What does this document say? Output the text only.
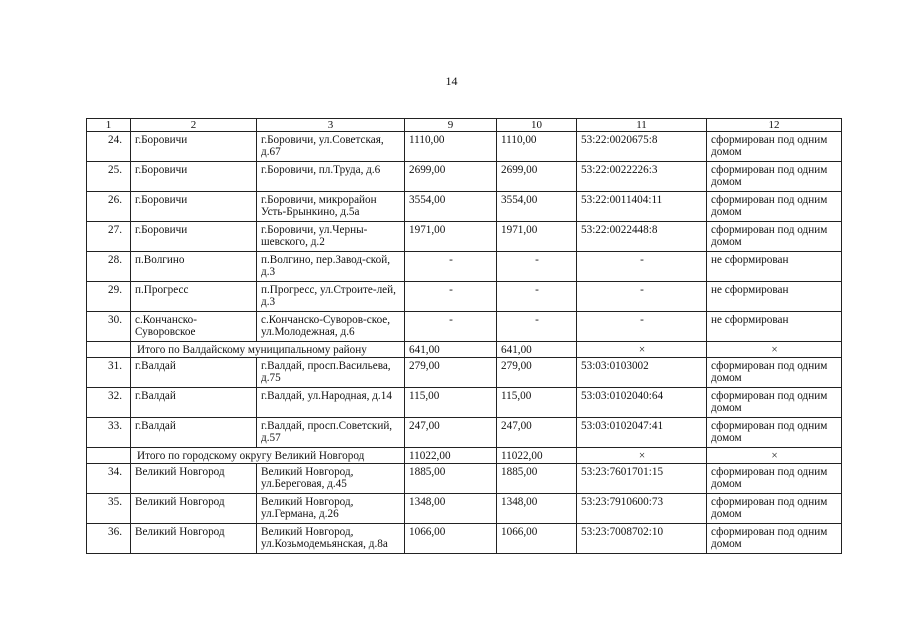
14
1	2	3	9	10	11	12
24.	г.Боровичи	г.Боровичи, ул.Советская, д.67	1110,00	1110,00	53:22:0020675:8	сформирован под одним домом
25.	г.Боровичи	г.Боровичи, пл.Труда, д.6	2699,00	2699,00	53:22:0022226:3	сформирован под одним домом
26.	г.Боровичи	г.Боровичи, микрорайон Усть-Брынкино, д.5а	3554,00	3554,00	53:22:0011404:11	сформирован под одним домом
27.	г.Боровичи	г.Боровичи, ул.Черны-шевского, д.2	1971,00	1971,00	53:22:0022448:8	сформирован под одним домом
28.	п.Волгино	п.Волгино, пер.Завод-ской, д.3	-	-	-	не сформирован
29.	п.Прогресс	п.Прогресс, ул.Строите-лей, д.3	-	-	-	не сформирован
30.	с.Кончанско-Суворовское	с.Кончанско-Суворов-ское, ул.Молодежная, д.6	-	-	-	не сформирован
	Итого по Валдайскому муниципальному району		641,00	641,00	×	×
31.	г.Валдай	г.Валдай, просп.Васильева, д.75	279,00	279,00	53:03:0103002	сформирован под одним домом
32.	г.Валдай	г.Валдай, ул.Народная, д.14	115,00	115,00	53:03:0102040:64	сформирован под одним домом
33.	г.Валдай	г.Валдай, просп.Советский, д.57	247,00	247,00	53:03:0102047:41	сформирован под одним домом
	Итого по городскому округу Великий Новгород		11022,00	11022,00	×	×
34.	Великий Новгород	Великий Новгород, ул.Береговая, д.45	1885,00	1885,00	53:23:7601701:15	сформирован под одним домом
35.	Великий Новгород	Великий Новгород, ул.Германа, д.26	1348,00	1348,00	53:23:7910600:73	сформирован под одним домом
36.	Великий Новгород	Великий Новгород, ул.Козьмодемьянская, д.8а	1066,00	1066,00	53:23:7008702:10	сформирован под одним домом
